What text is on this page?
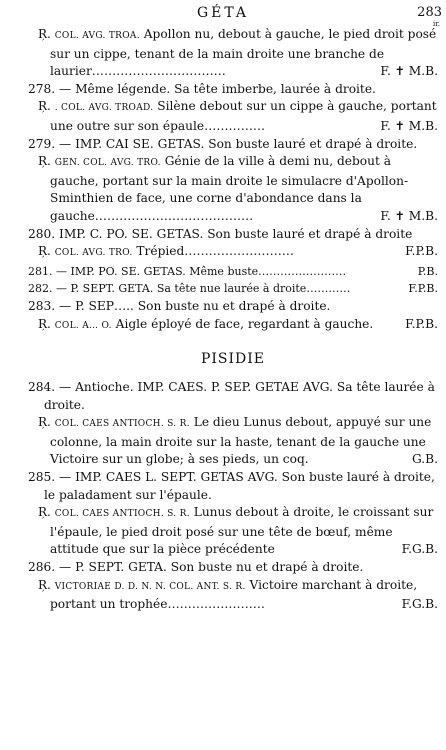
GÉTA	283
ir.

Ŗ. COL. AVG. TROA. Apollon nu, debout à gauche, le pied droit posé sur un cippe, tenant de la main droite une branche de laurier……………………………	F. ✝ M.B.

278. — Même légende. Sa tête imberbe, laurée à droite.

Ŗ. . COL. AVG. TROAD. Silène debout sur un cippe à gauche, portant une outre sur son épaule……………	F. ✝ M.B.

279. — IMP. CAI SE. GETAS. Son buste lauré et drapé à droite.

Ŗ. GEN. COL. AVG. TRO. Génie de la ville à demi nu, debout à gauche, portant sur la main droite le simulacre d'Apollon-Sminthien de face, une corne d'abondance dans la gauche…………………………………	F. ✝ M.B.

280. IMP. C. PO. SE. GETAS. Son buste lauré et drapé à droite

Ŗ. COL. AVG. TRO. Trépied………………………	F.P.B.

281. — IMP. PO. SE. GETAS. Même buste……………………	P.B.

282. — P. SEPT. GETA. Sa tête nue laurée à droite…………	F.P.B.

283. — P. SEP….. Son buste nu et drapé à droite.

Ŗ. COL. A… O. Aigle éployé de face, regardant à gauche.	F.P.B.

PISIDIE

284. — Antioche. IMP. CAES. P. SEP. GETAE AVG. Sa tête laurée à droite.

Ŗ. COL. CAES ANTIOCH. S. R. Le dieu Lunus debout, appuyé sur une colonne, la main droite sur la haste, tenant de la gauche une Victoire sur un globe; à ses pieds, un coq.	G.B.

285. — IMP. CAES L. SEPT. GETAS AVG. Son buste lauré à droite, le paladament sur l'épaule.

Ŗ. COL. CAES ANTIOCH. S. R. Lunus debout à droite, le croissant sur l'épaule, le pied droit posé sur une tête de bœuf, même attitude que sur la pièce précédente	F.G.B.

286. — P. SEPT. GETA. Son buste nu et drapé à droite.

Ŗ. VICTORIAE D. D. N. N. COL. ANT. S. R. Victoire marchant à droite, portant un trophée……………………	F.G.B.
